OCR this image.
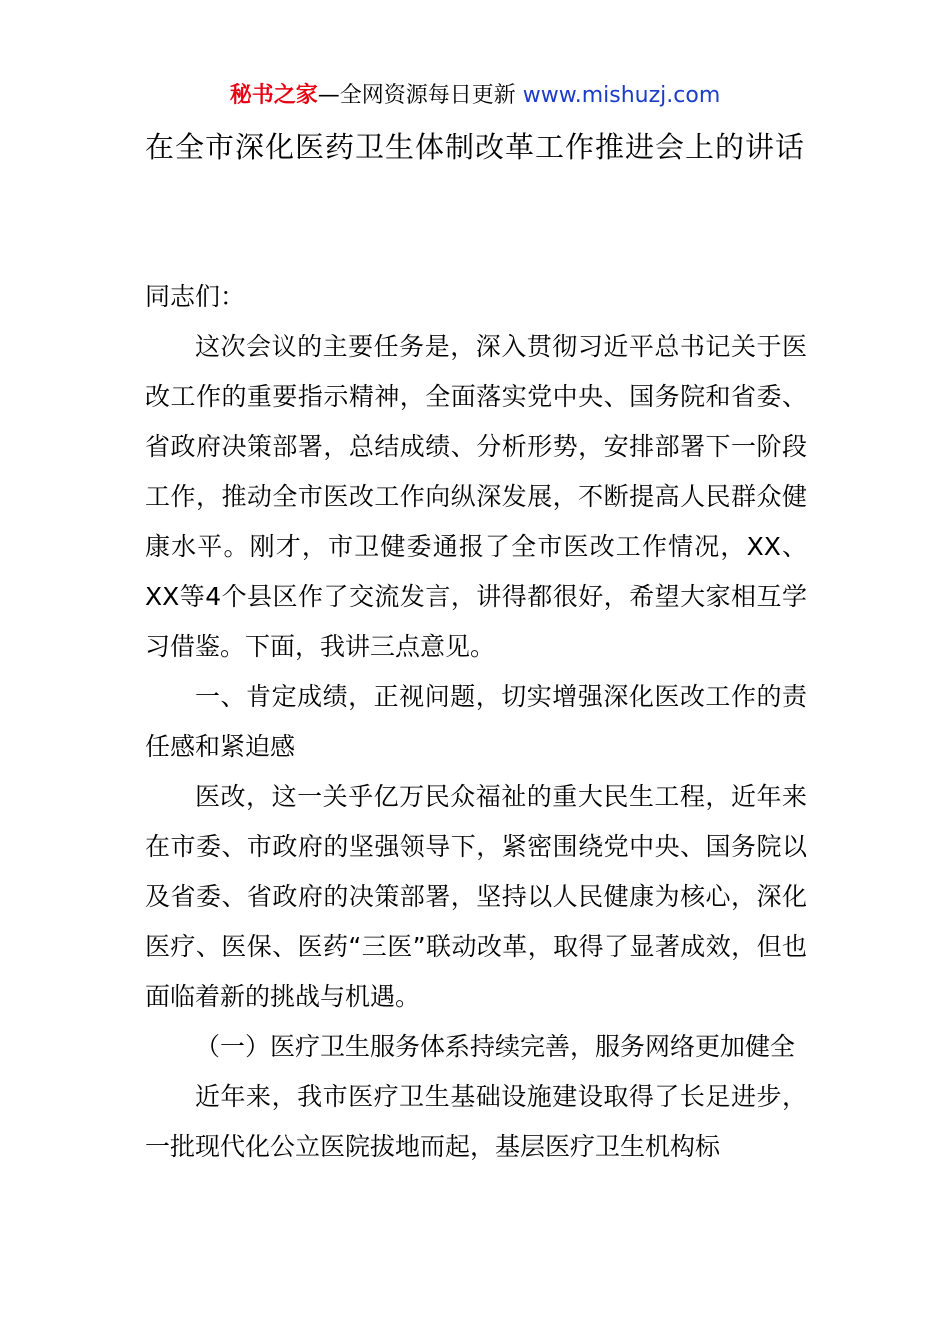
秘书之家—全网资源每日更新 www.mishuzj.com
在全市深化医药卫生体制改革工作推进会上的讲话

同志们：

这次会议的主要任务是，深入贯彻习近平总书记关于医改工作的重要指示精神，全面落实党中央、国务院和省委、省政府决策部署，总结成绩、分析形势，安排部署下一阶段工作，推动全市医改工作向纵深发展，不断提高人民群众健康水平。刚才，市卫健委通报了全市医改工作情况，XX、XX等4个县区作了交流发言，讲得都很好，希望大家相互学习借鉴。下面，我讲三点意见。

一、肯定成绩，正视问题，切实增强深化医改工作的责任感和紧迫感

医改，这一关乎亿万民众福祉的重大民生工程，近年来在市委、市政府的坚强领导下，紧密围绕党中央、国务院以及省委、省政府的决策部署，坚持以人民健康为核心，深化医疗、医保、医药“三医”联动改革，取得了显著成效，但也面临着新的挑战与机遇。

（一）医疗卫生服务体系持续完善，服务网络更加健全

近年来，我市医疗卫生基础设施建设取得了长足进步，一批现代化公立医院拔地而起，基层医疗卫生机构标
